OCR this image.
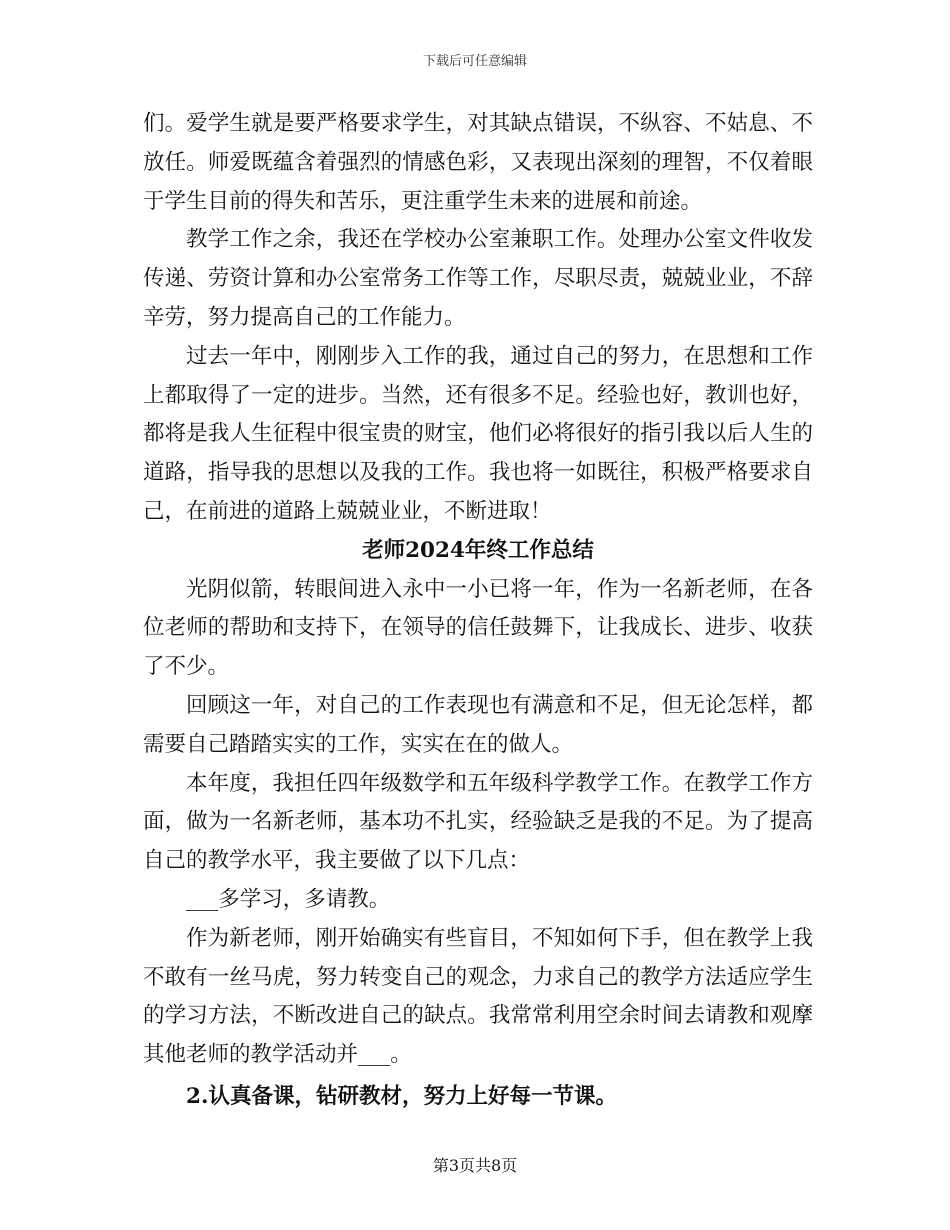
下载后可任意编辑

们。爱学生就是要严格要求学生，对其缺点错误，不纵容、不姑息、不放任。师爱既蕴含着强烈的情感色彩，又表现出深刻的理智，不仅着眼于学生目前的得失和苦乐，更注重学生未来的进展和前途。

教学工作之余，我还在学校办公室兼职工作。处理办公室文件收发传递、劳资计算和办公室常务工作等工作，尽职尽责，兢兢业业，不辞辛劳，努力提高自己的工作能力。

过去一年中，刚刚步入工作的我，通过自己的努力，在思想和工作上都取得了一定的进步。当然，还有很多不足。经验也好，教训也好，都将是我人生征程中很宝贵的财宝，他们必将很好的指引我以后人生的道路，指导我的思想以及我的工作。我也将一如既往，积极严格要求自己，在前进的道路上兢兢业业，不断进取！

老师2024年终工作总结

光阴似箭，转眼间进入永中一小已将一年，作为一名新老师，在各位老师的帮助和支持下，在领导的信任鼓舞下，让我成长、进步、收获了不少。

回顾这一年，对自己的工作表现也有满意和不足，但无论怎样，都需要自己踏踏实实的工作，实实在在的做人。

本年度，我担任四年级数学和五年级科学教学工作。在教学工作方面，做为一名新老师，基本功不扎实，经验缺乏是我的不足。为了提高自己的教学水平，我主要做了以下几点：

___多学习，多请教。

作为新老师，刚开始确实有些盲目，不知如何下手，但在教学上我不敢有一丝马虎，努力转变自己的观念，力求自己的教学方法适应学生的学习方法，不断改进自己的缺点。我常常利用空余时间去请教和观摩其他老师的教学活动并___。

2.认真备课，钻研教材，努力上好每一节课。

第3页共8页
